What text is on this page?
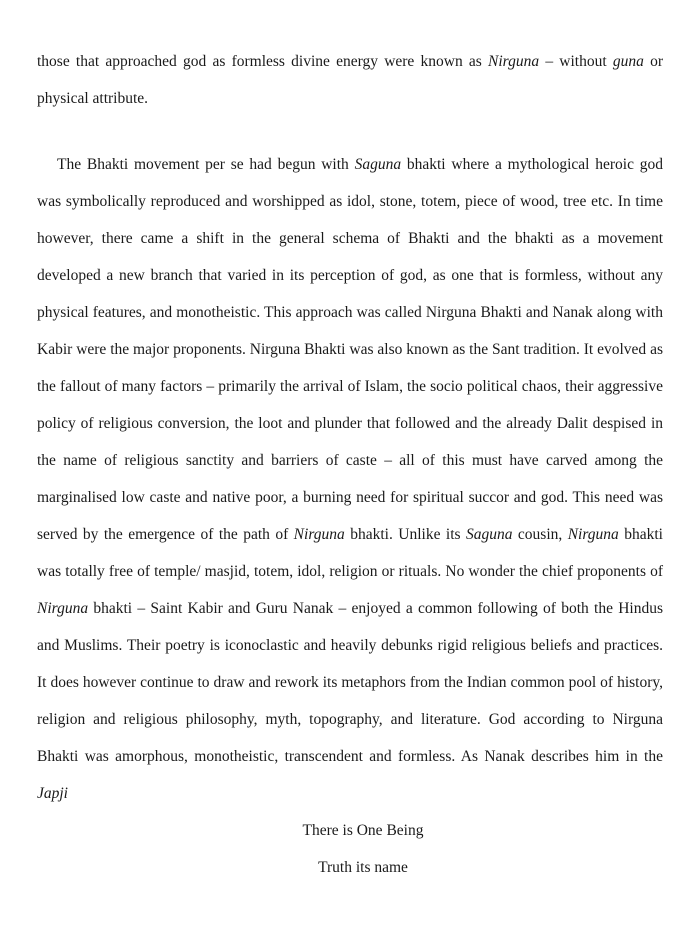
those that approached god as formless divine energy were known as Nirguna – without guna or physical attribute.

The Bhakti movement per se had begun with Saguna bhakti where a mythological heroic god was symbolically reproduced and worshipped as idol, stone, totem, piece of wood, tree etc. In time however, there came a shift in the general schema of Bhakti and the bhakti as a movement developed a new branch that varied in its perception of god, as one that is formless, without any physical features, and monotheistic. This approach was called Nirguna Bhakti and Nanak along with Kabir were the major proponents. Nirguna Bhakti was also known as the Sant tradition. It evolved as the fallout of many factors – primarily the arrival of Islam, the socio political chaos, their aggressive policy of religious conversion, the loot and plunder that followed and the already Dalit despised in the name of religious sanctity and barriers of caste – all of this must have carved among the marginalised low caste and native poor, a burning need for spiritual succor and god. This need was served by the emergence of the path of Nirguna bhakti. Unlike its Saguna cousin, Nirguna bhakti was totally free of temple/ masjid, totem, idol, religion or rituals. No wonder the chief proponents of Nirguna bhakti – Saint Kabir and Guru Nanak – enjoyed a common following of both the Hindus and Muslims. Their poetry is iconoclastic and heavily debunks rigid religious beliefs and practices. It does however continue to draw and rework its metaphors from the Indian common pool of history, religion and religious philosophy, myth, topography, and literature. God according to Nirguna Bhakti was amorphous, monotheistic, transcendent and formless. As Nanak describes him in the Japji

There is One Being
Truth its name
